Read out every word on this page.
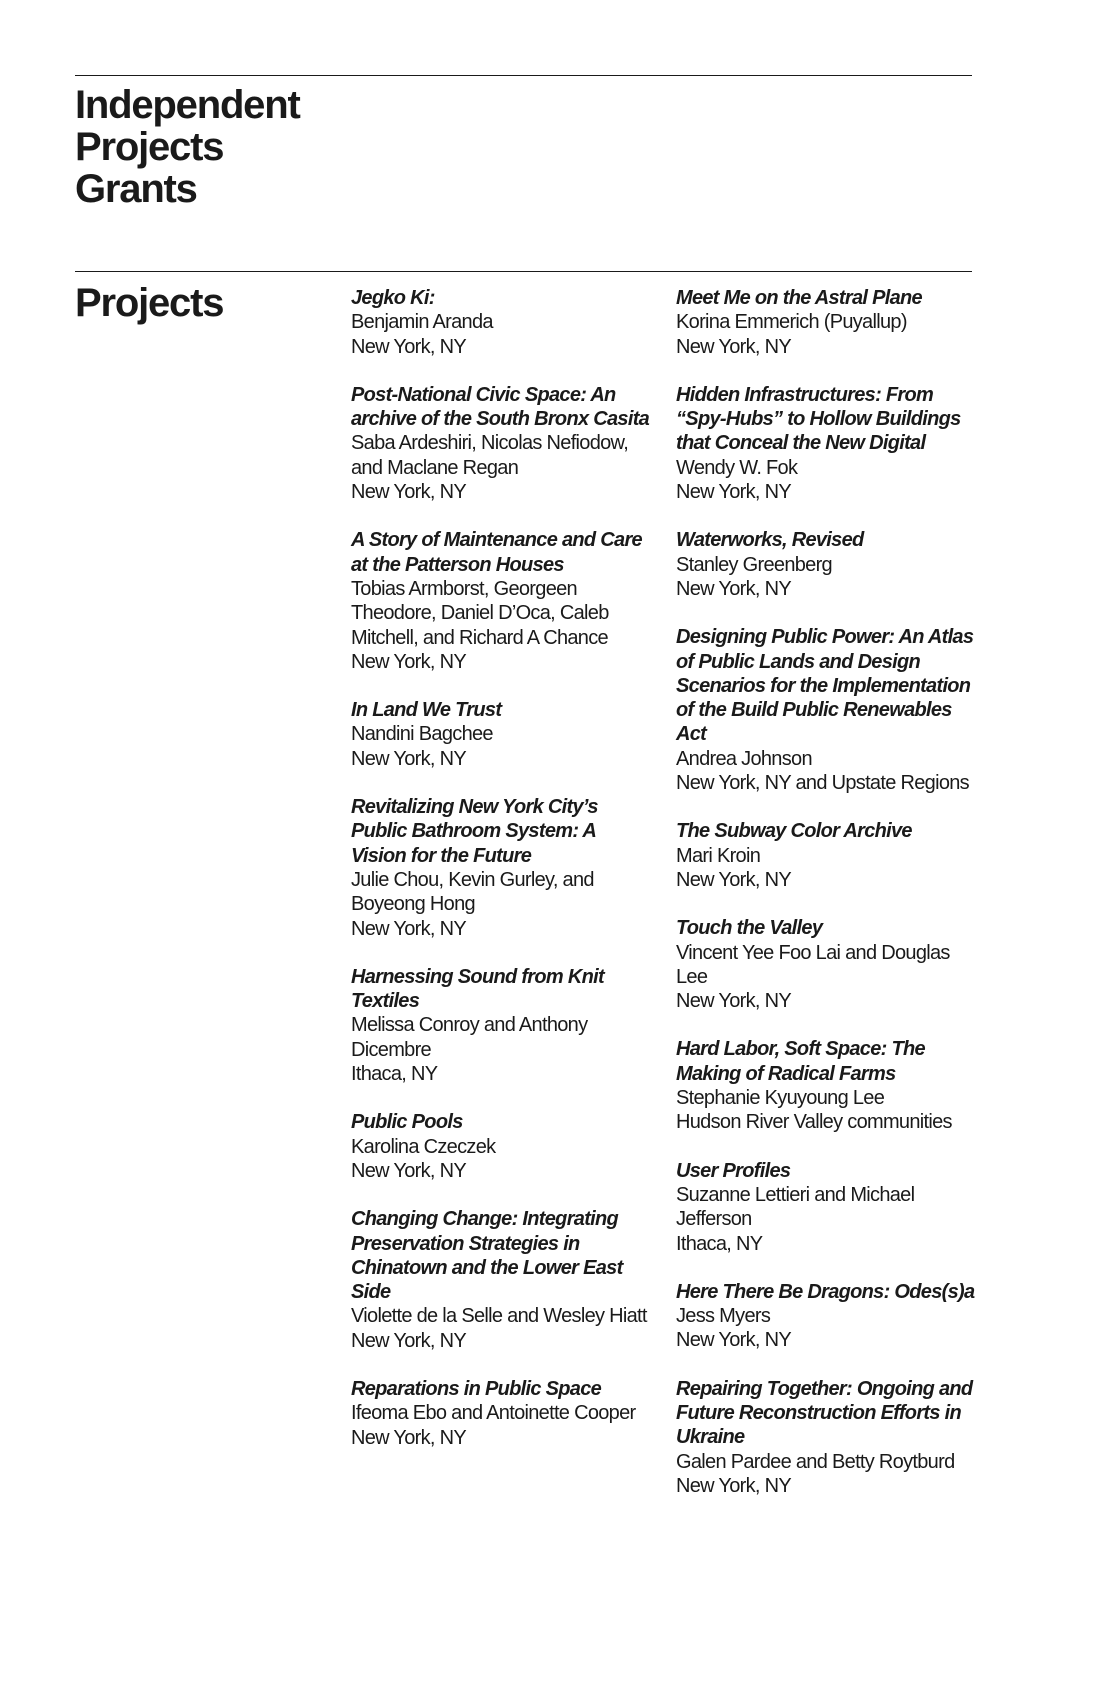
Independent
Projects
Grants
Projects	Jegko Ki:
Benjamin Aranda
New York, NY
Post-National Civic Space: An archive of the South Bronx Casita
Saba Ardeshiri, Nicolas Nefiodow, and Maclane Regan
New York, NY
A Story of Maintenance and Care at the Patterson Houses
Tobias Armborst, Georgeen Theodore, Daniel D’Oca, Caleb Mitchell, and Richard A Chance
New York, NY
In Land We Trust
Nandini Bagchee
New York, NY
Revitalizing New York City’s Public Bathroom System: A Vision for the Future
Julie Chou, Kevin Gurley, and Boyeong Hong
New York, NY
Harnessing Sound from Knit Textiles
Melissa Conroy and Anthony Dicembre
Ithaca, NY
Public Pools
Karolina Czeczek
New York, NY
Changing Change: Integrating Preservation Strategies in Chinatown and the Lower East Side
Violette de la Selle and Wesley Hiatt
New York, NY
Reparations in Public Space
Ifeoma Ebo and Antoinette Cooper
New York, NY
Meet Me on the Astral Plane
Korina Emmerich (Puyallup)
New York, NY
Hidden Infrastructures: From “Spy-Hubs” to Hollow Buildings that Conceal the New Digital
Wendy W. Fok
New York, NY
Waterworks, Revised
Stanley Greenberg
New York, NY
Designing Public Power: An Atlas of Public Lands and Design Scenarios for the Implementation of the Build Public Renewables Act
Andrea Johnson
New York, NY and Upstate Regions
The Subway Color Archive
Mari Kroin
New York, NY
Touch the Valley
Vincent Yee Foo Lai and Douglas Lee
New York, NY
Hard Labor, Soft Space: The Making of Radical Farms
Stephanie Kyuyoung Lee
Hudson River Valley communities
User Profiles
Suzanne Lettieri and Michael Jefferson
Ithaca, NY
Here There Be Dragons: Odes(s)a
Jess Myers
New York, NY
Repairing Together: Ongoing and Future Reconstruction Efforts in Ukraine
Galen Pardee and Betty Roytburd
New York, NY
